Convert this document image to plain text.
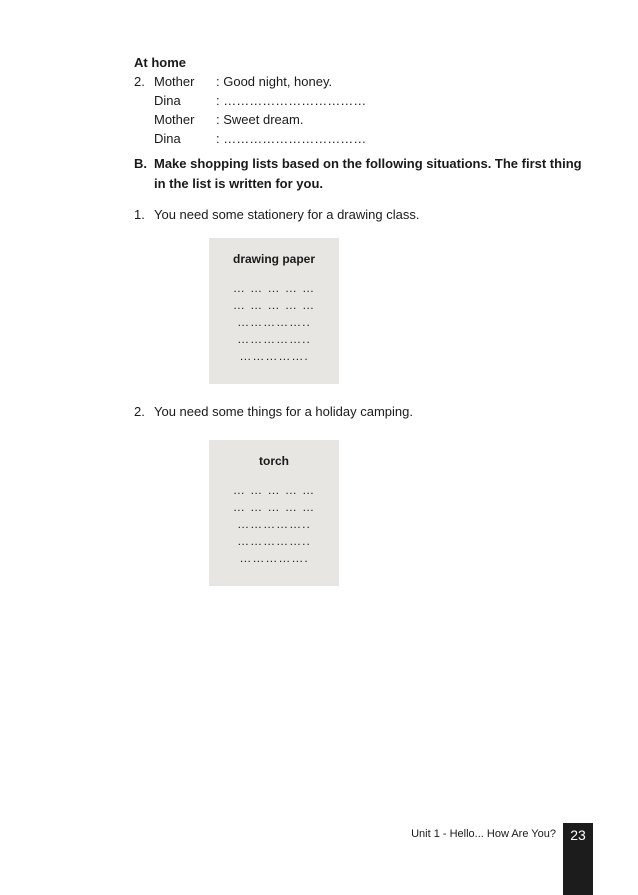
At home
2. Mother	: Good night, honey.
Dina	: ……………………………
Mother	: Sweet dream.
Dina	: ……………………………
B. Make shopping lists based on the following situations. The first thing in the list is written for you.
1. You need some stationery for a drawing class.
drawing paper
… … … … …
… … … … …
……………..
……………..
…………….
2. You need some things for a holiday camping.
torch
… … … … …
… … … … …
……………..
……………..
…………….
Unit 1 - Hello... How Are You?	23
